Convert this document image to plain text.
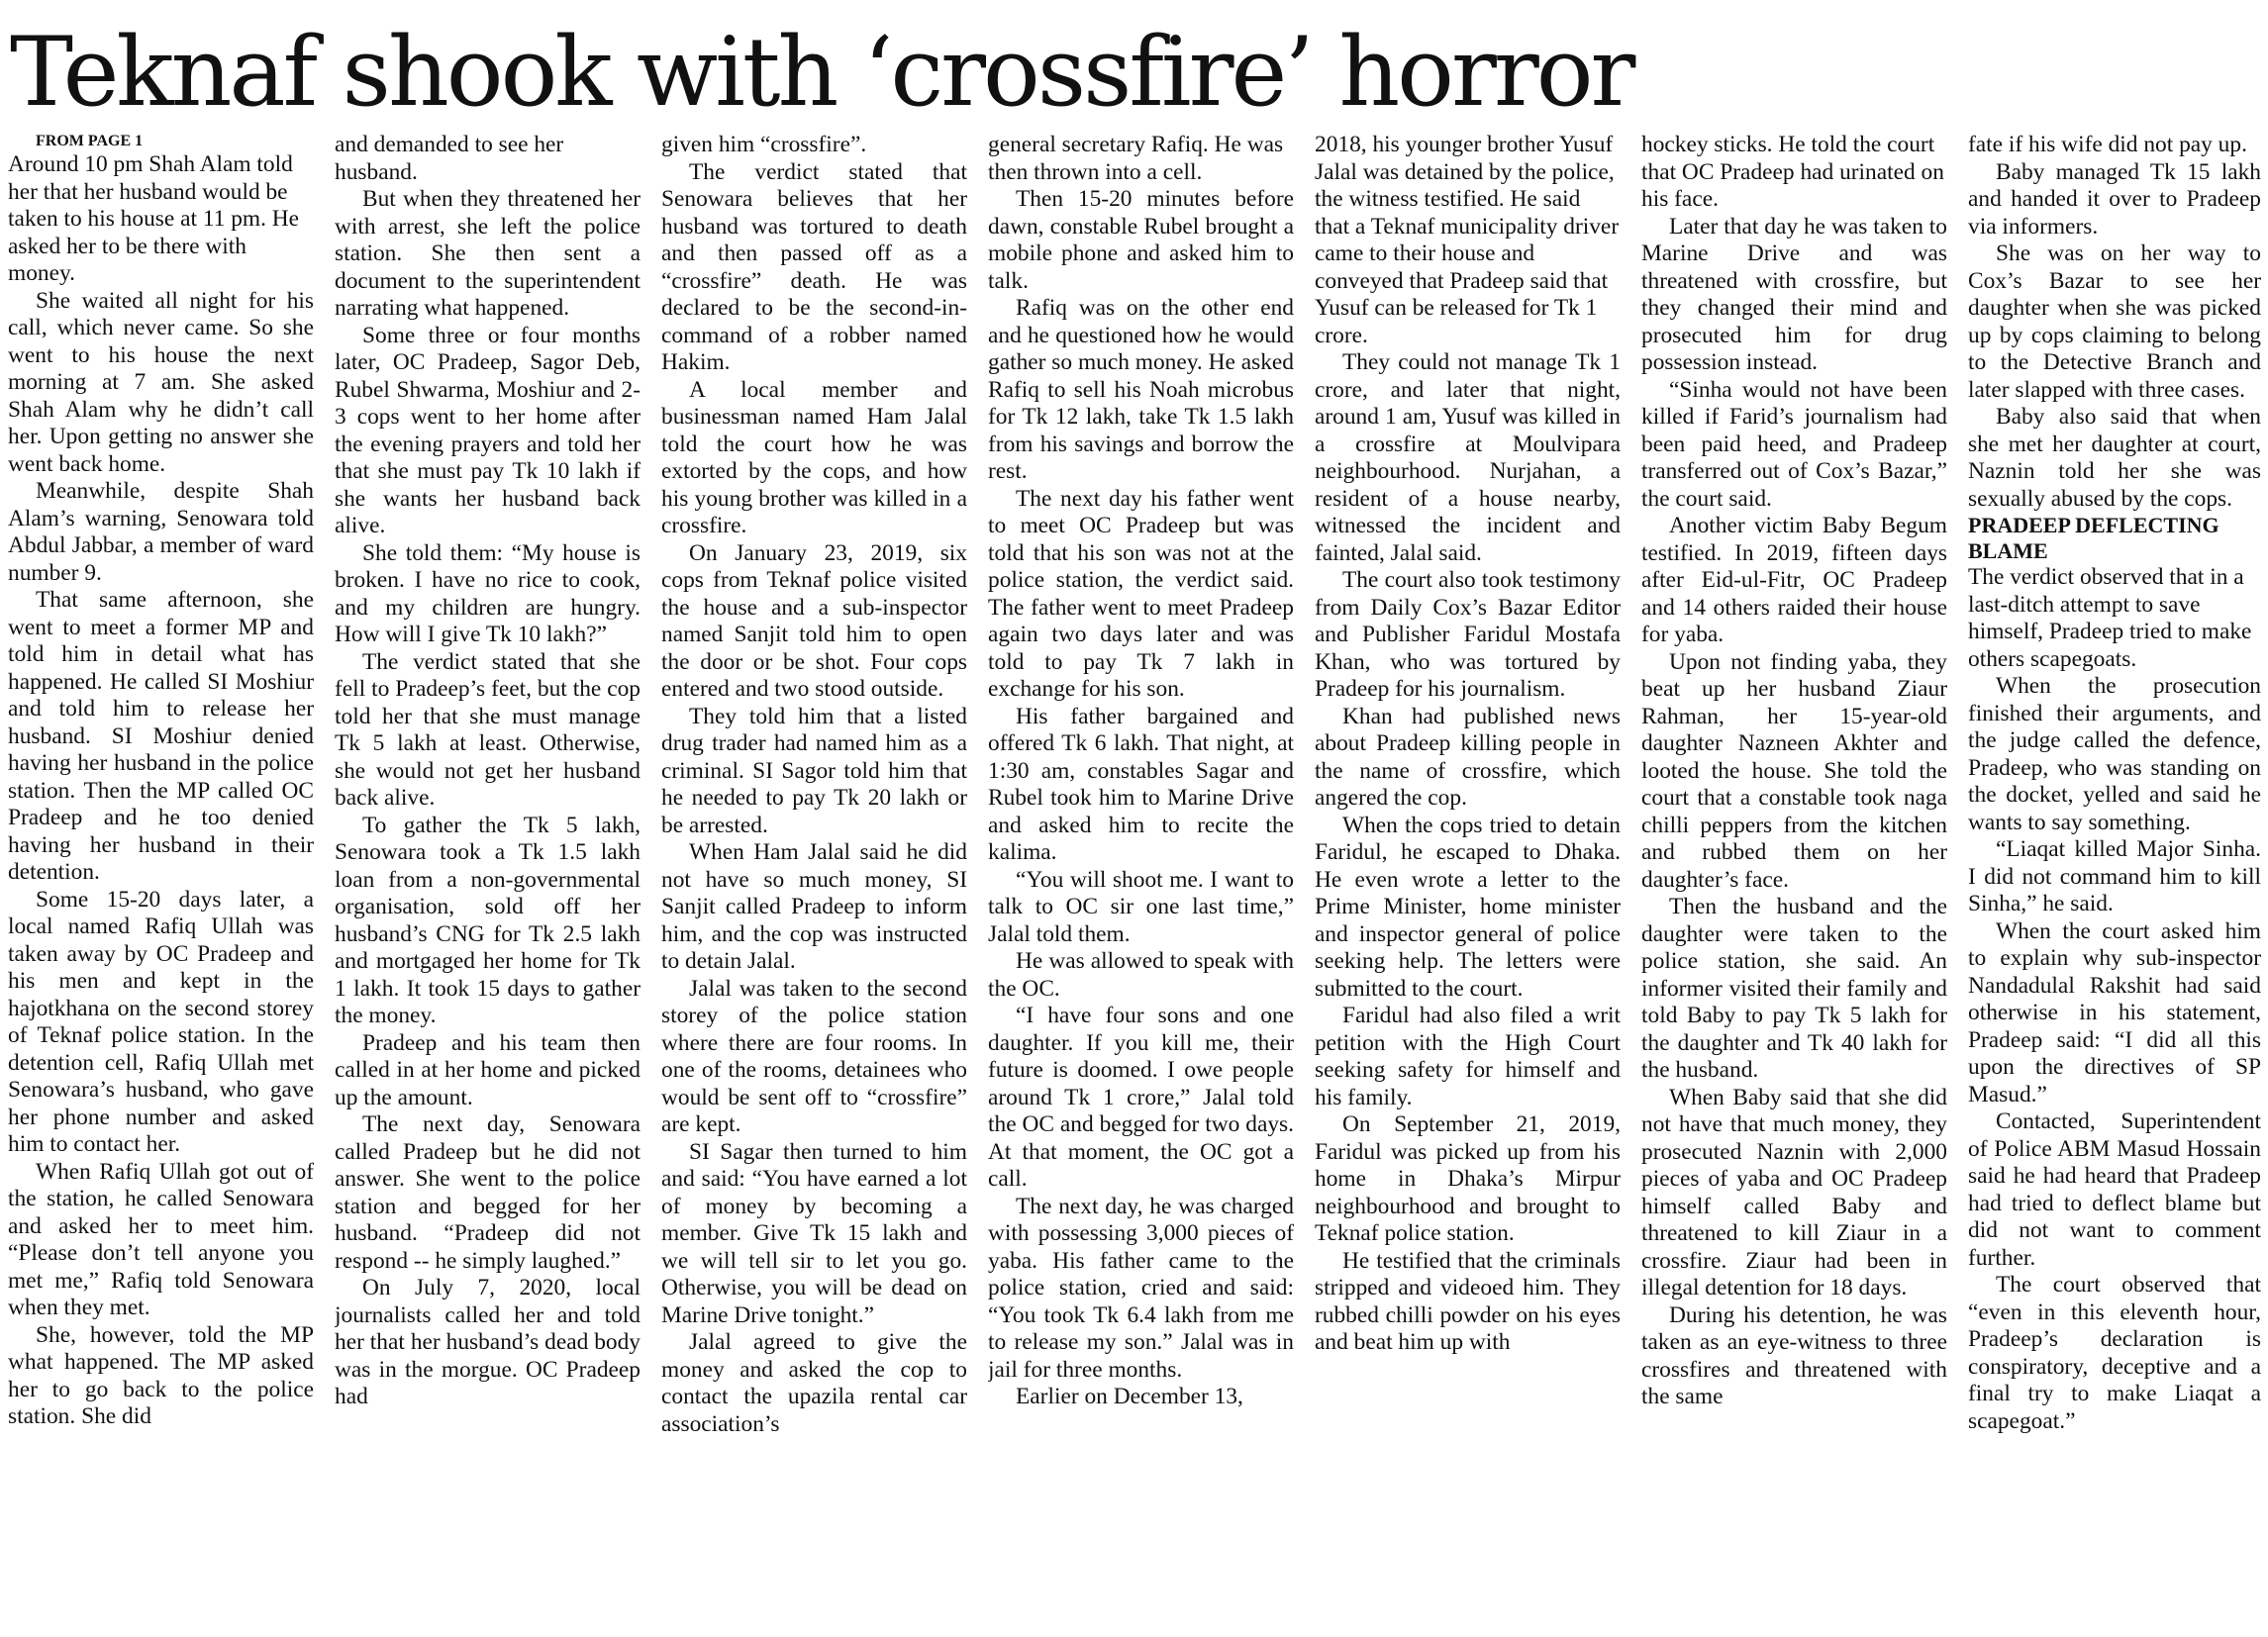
Teknaf shook with ‘crossfire’ horror

FROM PAGE 1

Around 10 pm Shah Alam told her that her husband would be taken to his house at 11 pm. He asked her to be there with money.

She waited all night for his call, which never came. So she went to his house the next morning at 7 am. She asked Shah Alam why he didn’t call her. Upon getting no answer she went back home.

Meanwhile, despite Shah Alam’s warning, Senowara told Abdul Jabbar, a member of ward number 9.

That same afternoon, she went to meet a former MP and told him in detail what has happened. He called SI Moshiur and told him to release her husband. SI Moshiur denied having her husband in the police station. Then the MP called OC Pradeep and he too denied having her husband in their detention.

Some 15-20 days later, a local named Rafiq Ullah was taken away by OC Pradeep and his men and kept in the hajotkhana on the second storey of Teknaf police station. In the detention cell, Rafiq Ullah met Senowara’s husband, who gave her phone number and asked him to contact her.

When Rafiq Ullah got out of the station, he called Senowara and asked her to meet him. “Please don’t tell anyone you met me,” Rafiq told Senowara when they met.

She, however, told the MP what happened. The MP asked her to go back to the police station. She did

and demanded to see her husband.

But when they threatened her with arrest, she left the police station. She then sent a document to the superintendent narrating what happened.

Some three or four months later, OC Pradeep, Sagor Deb, Rubel Shwarma, Moshiur and 2-3 cops went to her home after the evening prayers and told her that she must pay Tk 10 lakh if she wants her husband back alive.

She told them: “My house is broken. I have no rice to cook, and my children are hungry. How will I give Tk 10 lakh?”

The verdict stated that she fell to Pradeep’s feet, but the cop told her that she must manage Tk 5 lakh at least. Otherwise, she would not get her husband back alive.

To gather the Tk 5 lakh, Senowara took a Tk 1.5 lakh loan from a non-governmental organisation, sold off her husband’s CNG for Tk 2.5 lakh and mortgaged her home for Tk 1 lakh. It took 15 days to gather the money.

Pradeep and his team then called in at her home and picked up the amount.

The next day, Senowara called Pradeep but he did not answer. She went to the police station and begged for her husband. “Pradeep did not respond -- he simply laughed.”

On July 7, 2020, local journalists called her and told her that her husband’s dead body was in the morgue. OC Pradeep had

given him “crossfire”.

The verdict stated that Senowara believes that her husband was tortured to death and then passed off as a “crossfire” death. He was declared to be the second-in-command of a robber named Hakim.

A local member and businessman named Ham Jalal told the court how he was extorted by the cops, and how his young brother was killed in a crossfire.

On January 23, 2019, six cops from Teknaf police visited the house and a sub-inspector named Sanjit told him to open the door or be shot. Four cops entered and two stood outside.

They told him that a listed drug trader had named him as a criminal. SI Sagor told him that he needed to pay Tk 20 lakh or be arrested.

When Ham Jalal said he did not have so much money, SI Sanjit called Pradeep to inform him, and the cop was instructed to detain Jalal.

Jalal was taken to the second storey of the police station where there are four rooms. In one of the rooms, detainees who would be sent off to “crossfire” are kept.

SI Sagar then turned to him and said: “You have earned a lot of money by becoming a member. Give Tk 15 lakh and we will tell sir to let you go. Otherwise, you will be dead on Marine Drive tonight.”

Jalal agreed to give the money and asked the cop to contact the upazila rental car association’s

general secretary Rafiq. He was then thrown into a cell.

Then 15-20 minutes before dawn, constable Rubel brought a mobile phone and asked him to talk.

Rafiq was on the other end and he questioned how he would gather so much money. He asked Rafiq to sell his Noah microbus for Tk 12 lakh, take Tk 1.5 lakh from his savings and borrow the rest.

The next day his father went to meet OC Pradeep but was told that his son was not at the police station, the verdict said. The father went to meet Pradeep again two days later and was told to pay Tk 7 lakh in exchange for his son.

His father bargained and offered Tk 6 lakh. That night, at 1:30 am, constables Sagar and Rubel took him to Marine Drive and asked him to recite the kalima.

“You will shoot me. I want to talk to OC sir one last time,” Jalal told them.

He was allowed to speak with the OC.

“I have four sons and one daughter. If you kill me, their future is doomed. I owe people around Tk 1 crore,” Jalal told the OC and begged for two days. At that moment, the OC got a call.

The next day, he was charged with possessing 3,000 pieces of yaba. His father came to the police station, cried and said: “You took Tk 6.4 lakh from me to release my son.” Jalal was in jail for three months.

Earlier on December 13,

2018, his younger brother Yusuf Jalal was detained by the police, the witness testified. He said that a Teknaf municipality driver came to their house and conveyed that Pradeep said that Yusuf can be released for Tk 1 crore.

They could not manage Tk 1 crore, and later that night, around 1 am, Yusuf was killed in a crossfire at Moulvipara neighbourhood. Nurjahan, a resident of a house nearby, witnessed the incident and fainted, Jalal said.

The court also took testimony from Daily Cox’s Bazar Editor and Publisher Faridul Mostafa Khan, who was tortured by Pradeep for his journalism.

Khan had published news about Pradeep killing people in the name of crossfire, which angered the cop.

When the cops tried to detain Faridul, he escaped to Dhaka. He even wrote a letter to the Prime Minister, home minister and inspector general of police seeking help. The letters were submitted to the court.

Faridul had also filed a writ petition with the High Court seeking safety for himself and his family.

On September 21, 2019, Faridul was picked up from his home in Dhaka’s Mirpur neighbourhood and brought to Teknaf police station.

He testified that the criminals stripped and videoed him. They rubbed chilli powder on his eyes and beat him up with

hockey sticks. He told the court that OC Pradeep had urinated on his face.

Later that day he was taken to Marine Drive and was threatened with crossfire, but they changed their mind and prosecuted him for drug possession instead.

“Sinha would not have been killed if Farid’s journalism had been paid heed, and Pradeep transferred out of Cox’s Bazar,” the court said.

Another victim Baby Begum testified. In 2019, fifteen days after Eid-ul-Fitr, OC Pradeep and 14 others raided their house for yaba.

Upon not finding yaba, they beat up her husband Ziaur Rahman, her 15-year-old daughter Nazneen Akhter and looted the house. She told the court that a constable took naga chilli peppers from the kitchen and rubbed them on her daughter’s face.

Then the husband and the daughter were taken to the police station, she said. An informer visited their family and told Baby to pay Tk 5 lakh for the daughter and Tk 40 lakh for the husband.

When Baby said that she did not have that much money, they prosecuted Naznin with 2,000 pieces of yaba and OC Pradeep himself called Baby and threatened to kill Ziaur in a crossfire. Ziaur had been in illegal detention for 18 days.

During his detention, he was taken as an eye-witness to three crossfires and threatened with the same

fate if his wife did not pay up.

Baby managed Tk 15 lakh and handed it over to Pradeep via informers.

She was on her way to Cox’s Bazar to see her daughter when she was picked up by cops claiming to belong to the Detective Branch and later slapped with three cases.

Baby also said that when she met her daughter at court, Naznin told her she was sexually abused by the cops.

PRADEEP DEFLECTING BLAME

The verdict observed that in a last-ditch attempt to save himself, Pradeep tried to make others scapegoats.

When the prosecution finished their arguments, and the judge called the defence, Pradeep, who was standing on the docket, yelled and said he wants to say something.

“Liaqat killed Major Sinha. I did not command him to kill Sinha,” he said.

When the court asked him to explain why sub-inspector Nandadulal Rakshit had said otherwise in his statement, Pradeep said: “I did all this upon the directives of SP Masud.”

Contacted, Superintendent of Police ABM Masud Hossain said he had heard that Pradeep had tried to deflect blame but did not want to comment further.

The court observed that “even in this eleventh hour, Pradeep’s declaration is conspiratory, deceptive and a final try to make Liaqat a scapegoat.”
